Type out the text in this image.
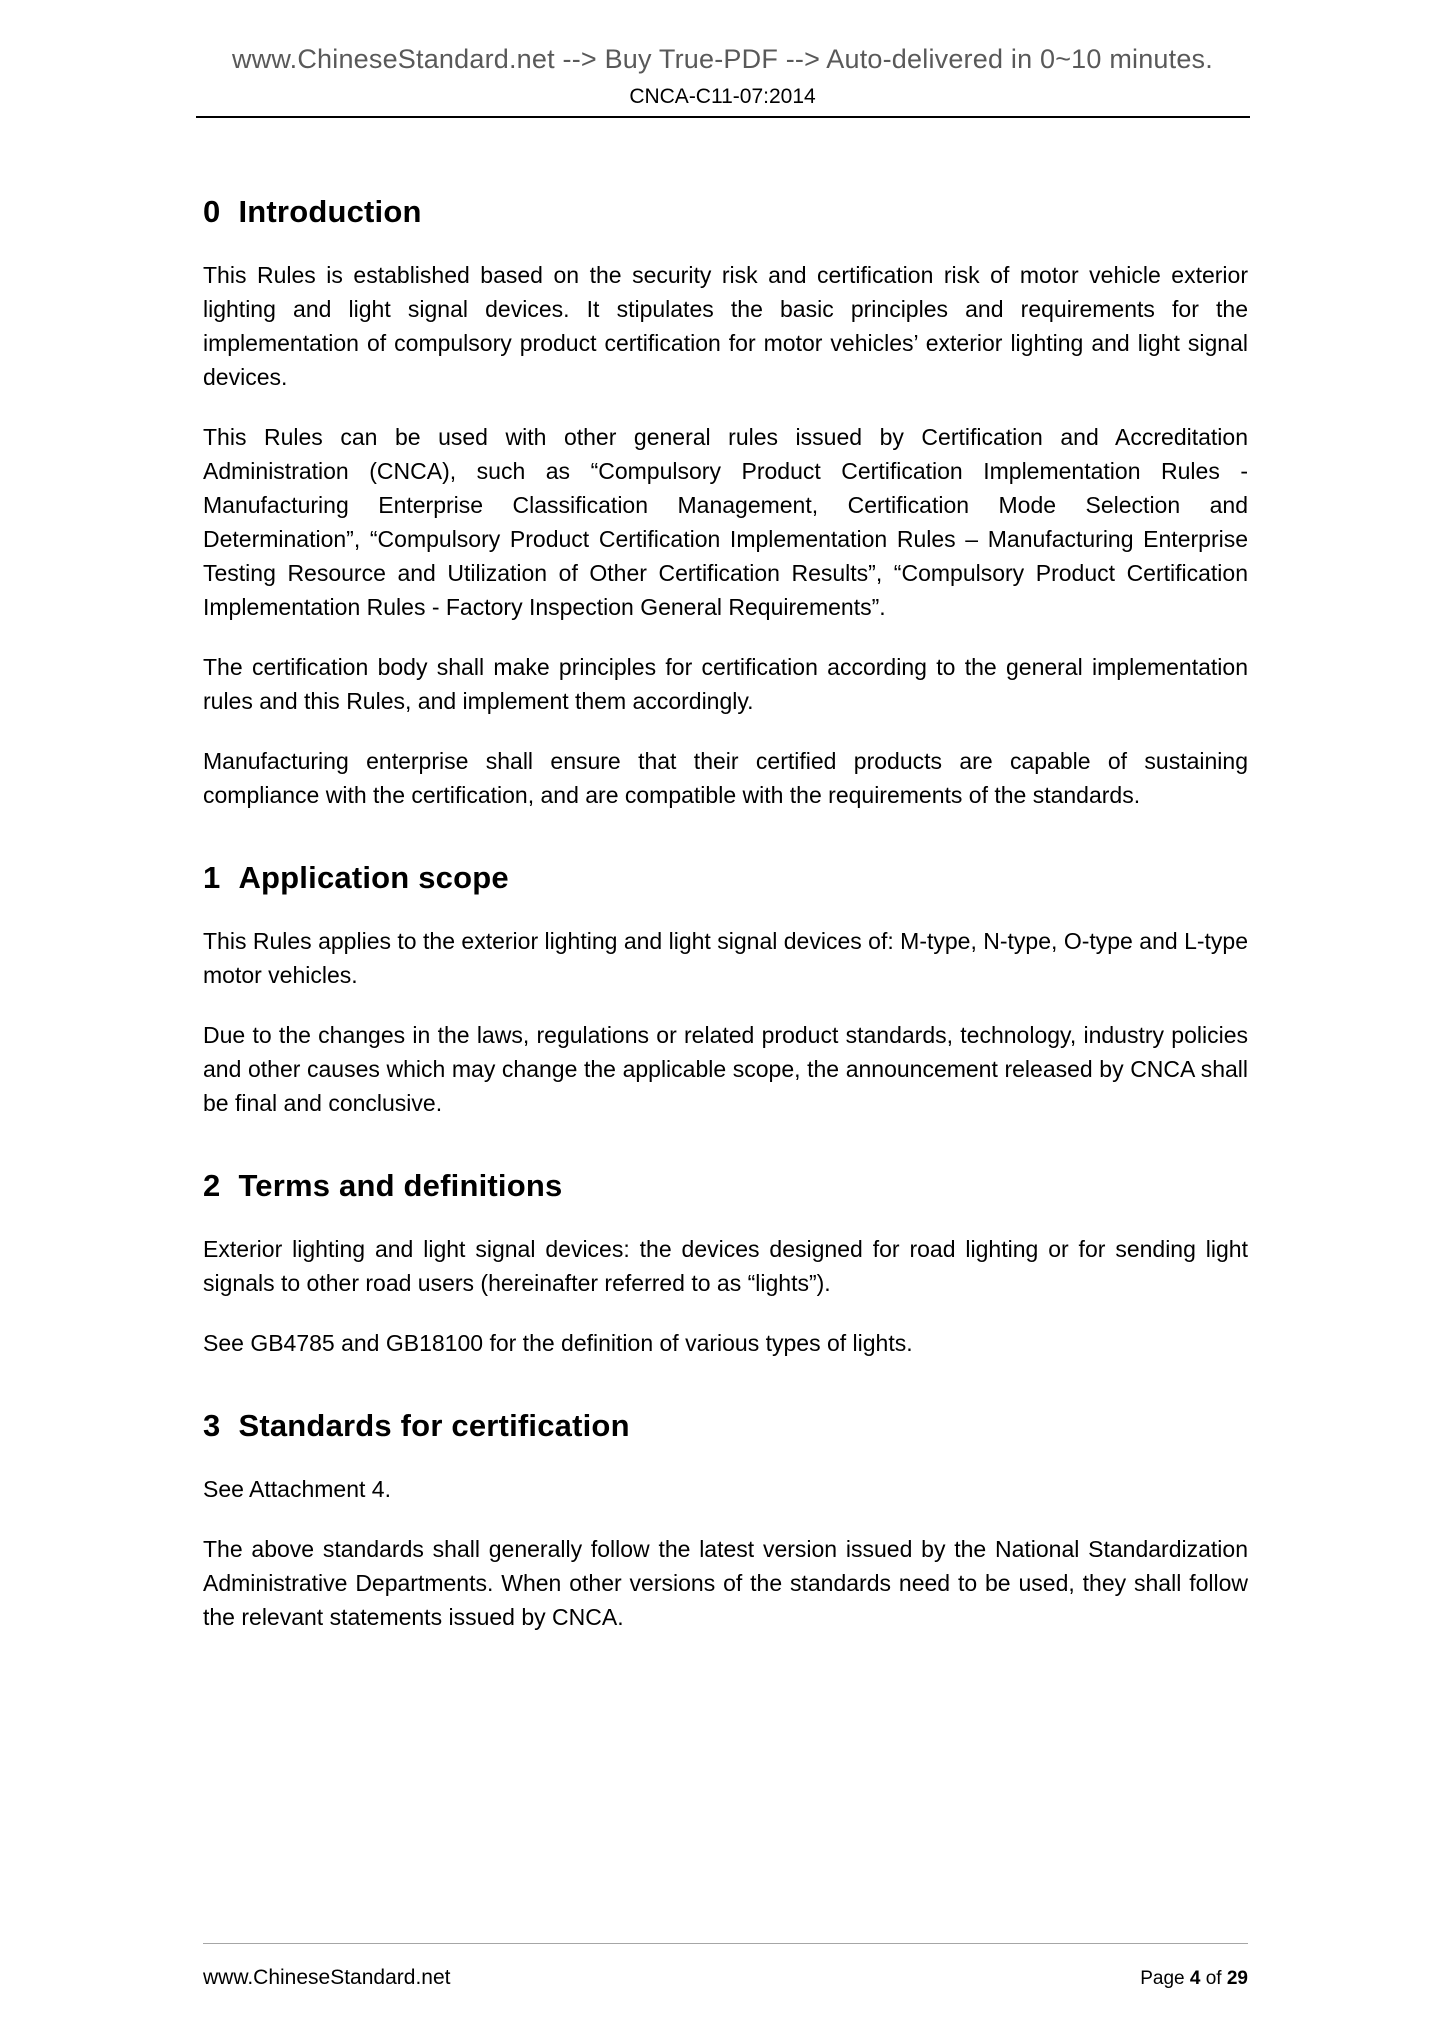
www.ChineseStandard.net --> Buy True-PDF --> Auto-delivered in 0~10 minutes.
CNCA-C11-07:2014
0 Introduction

This Rules is established based on the security risk and certification risk of motor vehicle exterior lighting and light signal devices. It stipulates the basic principles and requirements for the implementation of compulsory product certification for motor vehicles’ exterior lighting and light signal devices.

This Rules can be used with other general rules issued by Certification and Accreditation Administration (CNCA), such as “Compulsory Product Certification Implementation Rules - Manufacturing Enterprise Classification Management, Certification Mode Selection and Determination”, “Compulsory Product Certification Implementation Rules – Manufacturing Enterprise Testing Resource and Utilization of Other Certification Results”, “Compulsory Product Certification Implementation Rules - Factory Inspection General Requirements”.

The certification body shall make principles for certification according to the general implementation rules and this Rules, and implement them accordingly.

Manufacturing enterprise shall ensure that their certified products are capable of sustaining compliance with the certification, and are compatible with the requirements of the standards.

1 Application scope

This Rules applies to the exterior lighting and light signal devices of: M-type, N-type, O-type and L-type motor vehicles.

Due to the changes in the laws, regulations or related product standards, technology, industry policies and other causes which may change the applicable scope, the announcement released by CNCA shall be final and conclusive.

2 Terms and definitions

Exterior lighting and light signal devices: the devices designed for road lighting or for sending light signals to other road users (hereinafter referred to as “lights”).

See GB4785 and GB18100 for the definition of various types of lights.

3 Standards for certification

See Attachment 4.

The above standards shall generally follow the latest version issued by the National Standardization Administrative Departments. When other versions of the standards need to be used, they shall follow the relevant statements issued by CNCA.

www.ChineseStandard.net	Page 4 of 29
